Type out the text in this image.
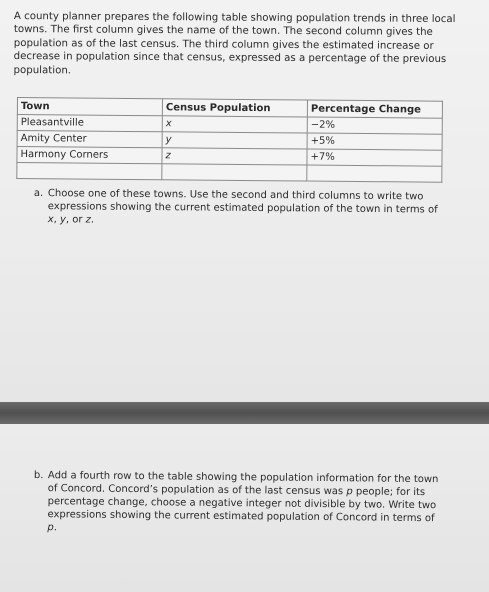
A county planner prepares the following table showing population trends in three local
towns. The first column gives the name of the town. The second column gives the
population as of the last census. The third column gives the estimated increase or
decrease in population since that census, expressed as a percentage of the previous
population.
Town	Census Population	Percentage Change
Pleasantville	x	−2%
Amity Center	y	+5%
Harmony Corners	z	+7%

a. Choose one of these towns. Use the second and third columns to write two
expressions showing the current estimated population of the town in terms of
x, y, or z.
b. Add a fourth row to the table showing the population information for the town
of Concord. Concord’s population as of the last census was p people; for its
percentage change, choose a negative integer not divisible by two. Write two
expressions showing the current estimated population of Concord in terms of p.
